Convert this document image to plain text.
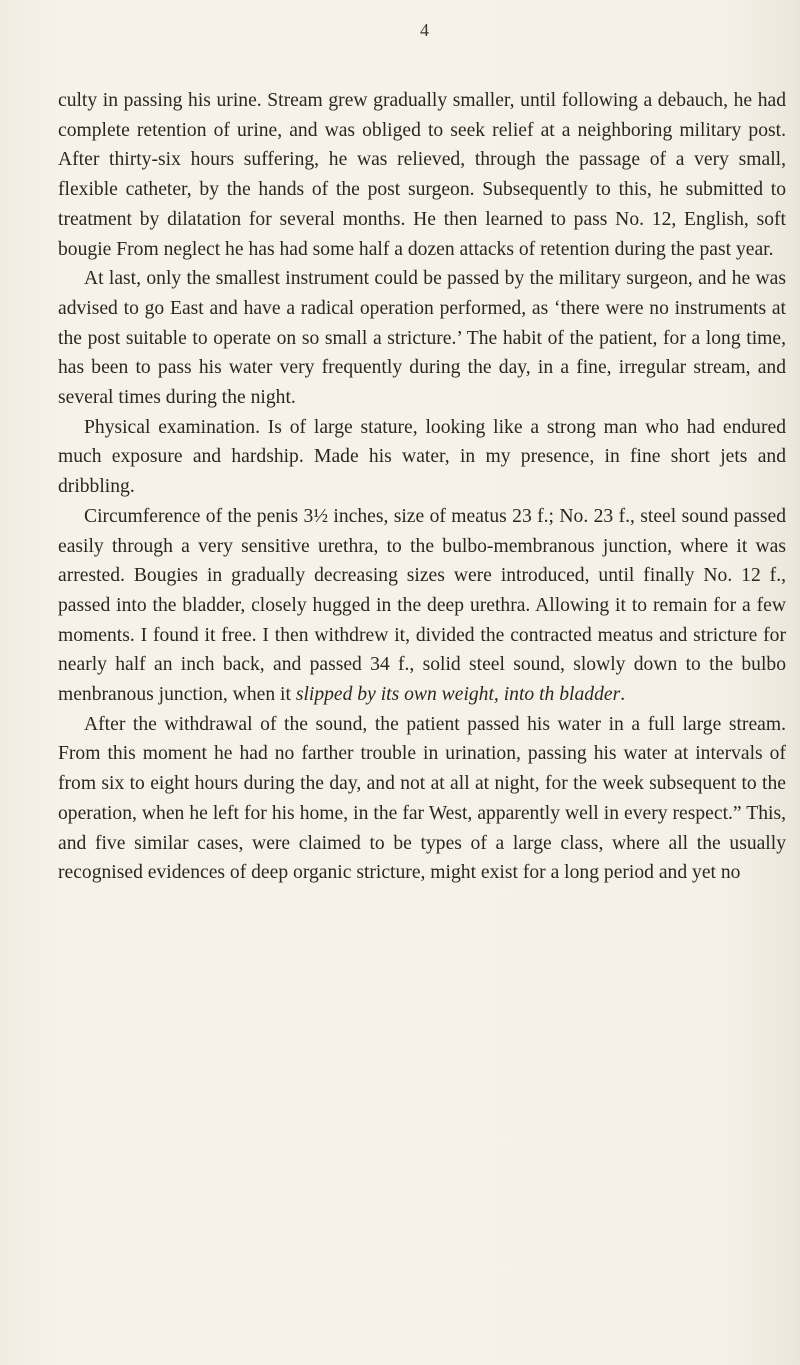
4

culty in passing his urine. Stream grew gradually smaller, until following a debauch, he had complete retention of urine, and was obliged to seek relief at a neighboring military post. After thirty-six hours suffering, he was relieved, through the passage of a very small, flexible catheter, by the hands of the post surgeon. Subsequently to this, he submitted to treatment by dilatation for several months. He then learned to pass No. 12, English, soft bougie From neglect he has had some half a dozen attacks of retention during the past year.

At last, only the smallest instrument could be passed by the military surgeon, and he was advised to go East and have a radical operation performed, as ‘there were no instruments at the post suitable to operate on so small a stricture.’ The habit of the patient, for a long time, has been to pass his water very frequently during the day, in a fine, irregular stream, and several times during the night.

Physical examination. Is of large stature, looking like a strong man who had endured much exposure and hardship. Made his water, in my presence, in fine short jets and dribbling.

Circumference of the penis 3½ inches, size of meatus 23 f.; No. 23 f., steel sound passed easily through a very sensitive urethra, to the bulbo-membranous junction, where it was arrested. Bougies in gradually decreasing sizes were introduced, until finally No. 12 f., passed into the bladder, closely hugged in the deep urethra. Allowing it to remain for a few moments. I found it free. I then withdrew it, divided the contracted meatus and stricture for nearly half an inch back, and passed 34 f., solid steel sound, slowly down to the bulbo menbranous junction, when it slipped by its own weight, into th bladder.

After the withdrawal of the sound, the patient passed his water in a full large stream. From this moment he had no farther trouble in urination, passing his water at intervals of from six to eight hours during the day, and not at all at night, for the week subsequent to the operation, when he left for his home, in the far West, apparently well in every respect.” This, and five similar cases, were claimed to be types of a large class, where all the usually recognised evidences of deep organic stricture, might exist for a long period and yet no
